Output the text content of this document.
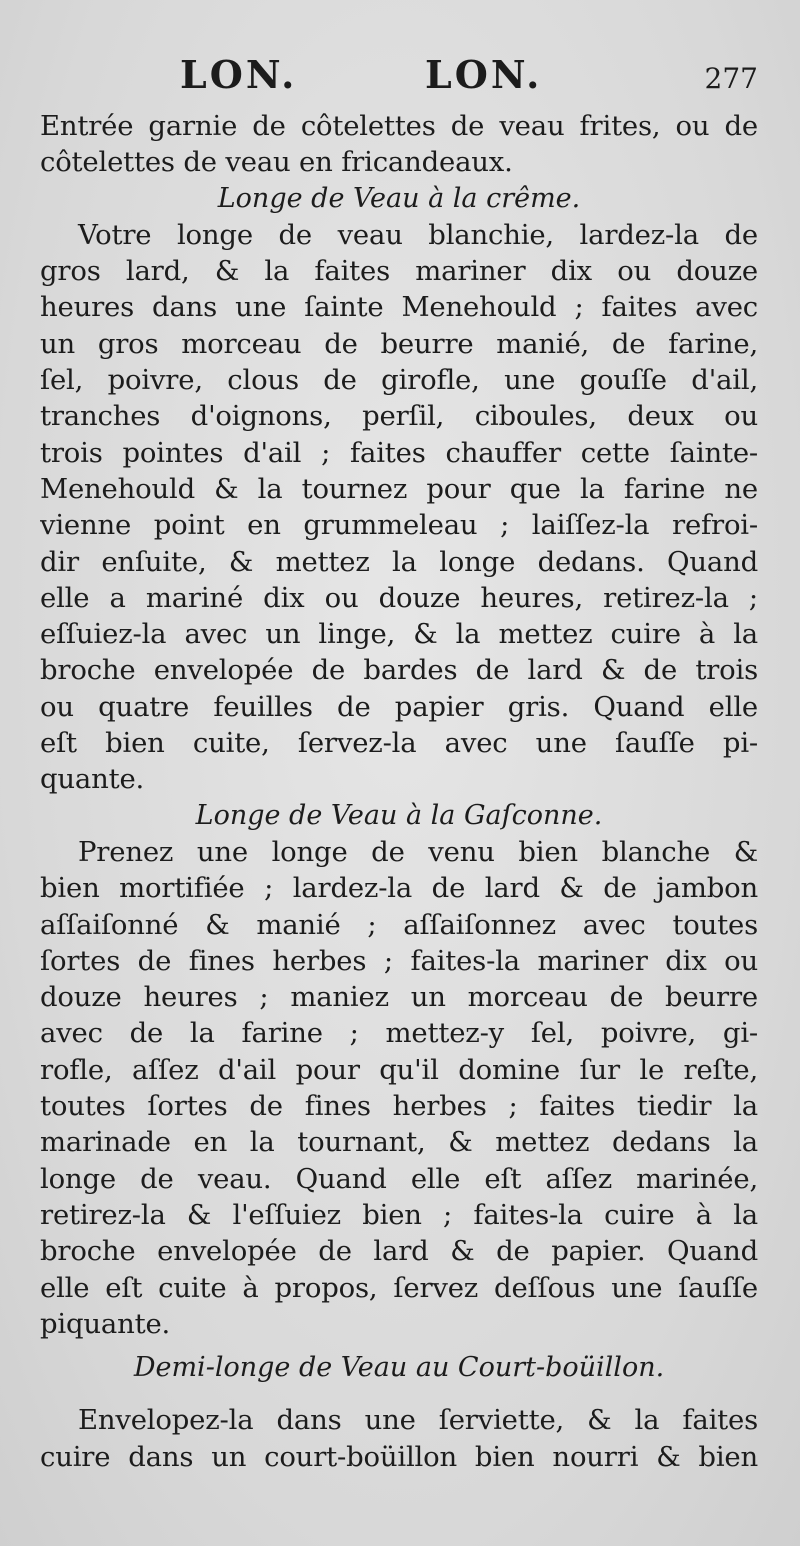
LON.	LON.	277
Entrée garnie de côtelettes de veau frites, ou de
côtelettes de veau en fricandeaux.
Longe de Veau à la crême.
Votre longe de veau blanchie, lardez-la de
gros lard, & la faites mariner dix ou douze
heures dans une ſainte Menehould ; faites avec
un gros morceau de beurre manié, de farine,
ſel, poivre, clous de girofle, une gouſſe d'ail,
tranches d'oignons, perſil, ciboules, deux ou
trois pointes d'ail ; faites chauffer cette ſainte-
Menehould & la tournez pour que la farine ne
vienne point en grummeleau ; laiſſez-la refroi-
dir enſuite, & mettez la longe dedans. Quand
elle a mariné dix ou douze heures, retirez-la ;
eſſuiez-la avec un linge, & la mettez cuire à la
broche envelopée de bardes de lard & de trois
ou quatre feuilles de papier gris. Quand elle
eſt bien cuite, ſervez-la avec une ſauſſe pi-
quante.
Longe de Veau à la Gaſconne.
Prenez une longe de venu bien blanche &
bien mortifiée ; lardez-la de lard & de jambon
aſſaiſonné & manié ; aſſaiſonnez avec toutes
ſortes de fines herbes ; faites-la mariner dix ou
douze heures ; maniez un morceau de beurre
avec de la farine ; mettez-y ſel, poivre, gi-
rofle, aſſez d'ail pour qu'il domine ſur le reſte,
toutes ſortes de fines herbes ; faites tiedir la
marinade en la tournant, & mettez dedans la
longe de veau. Quand elle eſt aſſez marinée,
retirez-la & l'eſſuiez bien ; faites-la cuire à la
broche envelopée de lard & de papier. Quand
elle eſt cuite à propos, ſervez deſſous une ſauſſe
piquante.
Demi-longe de Veau au Court-boüillon.
Envelopez-la dans une ſerviette, & la faites
cuire dans un court-boüillon bien nourri & bien
